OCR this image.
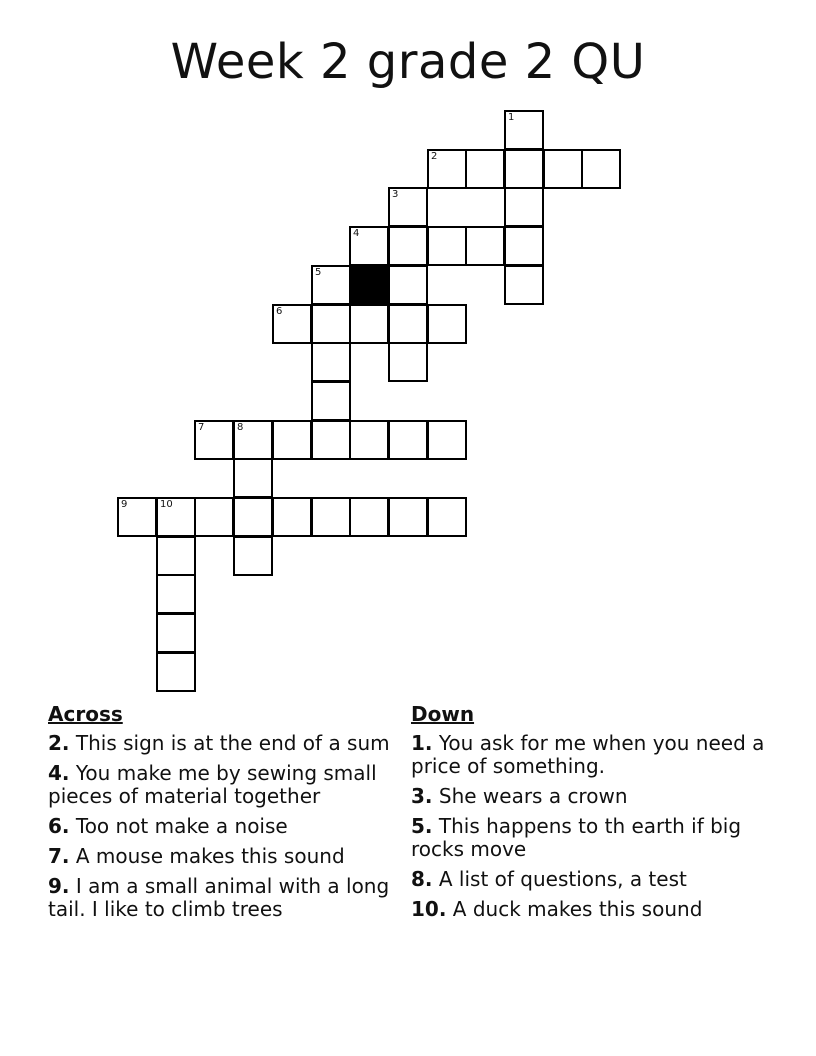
Week 2 grade 2 QU
1
2
3
4
5
6
7	8
9	10
Across
2. This sign is at the end of a sum
4. You make me by sewing small pieces of material together
6. Too not make a noise
7. A mouse makes this sound
9. I am a small animal with a long tail. I like to climb trees
Down
1. You ask for me when you need a price of something.
3. She wears a crown
5. This happens to th earth if big rocks move
8. A list of questions, a test
10. A duck makes this sound
